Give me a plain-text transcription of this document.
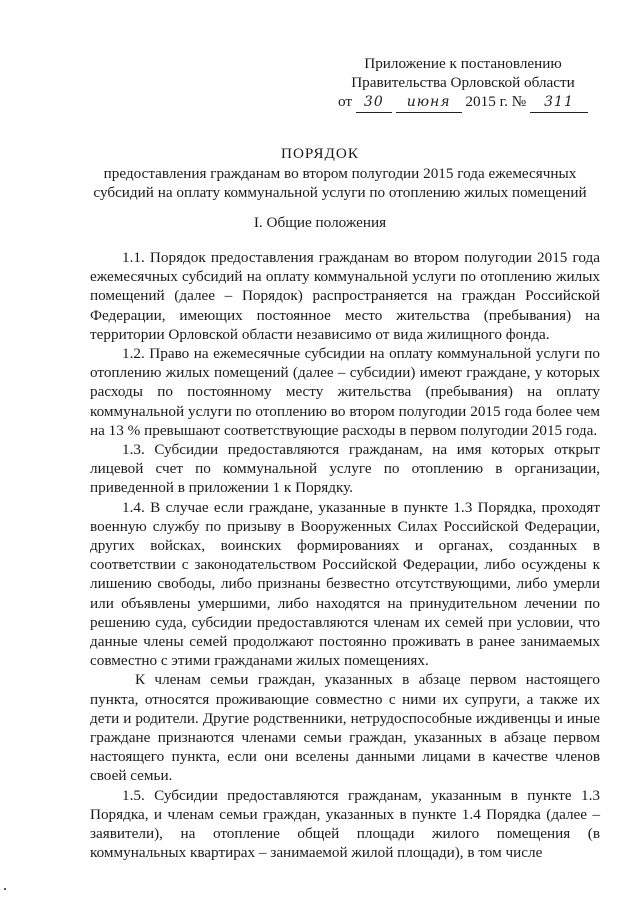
Приложение к постановлению
Правительства Орловской области
от 30 июня 2015 г. № 311
ПОРЯДОК
предоставления гражданам во втором полугодии 2015 года ежемесячных
субсидий на оплату коммунальной услуги по отоплению жилых помещений
I. Общие положения

1.1. Порядок предоставления гражданам во втором полугодии 2015 года ежемесячных субсидий на оплату коммунальной услуги по отоплению жилых помещений (далее – Порядок) распространяется на граждан Российской Федерации, имеющих постоянное место жительства (пребывания) на территории Орловской области независимо от вида жилищного фонда.

1.2. Право на ежемесячные субсидии на оплату коммунальной услуги по отоплению жилых помещений (далее – субсидии) имеют граждане, у которых расходы по постоянному месту жительства (пребывания) на оплату коммунальной услуги по отоплению во втором полугодии 2015 года более чем на 13 % превышают соответствующие расходы в первом полугодии 2015 года.

1.3. Субсидии предоставляются гражданам, на имя которых открыт лицевой счет по коммунальной услуге по отоплению в организации, приведенной в приложении 1 к Порядку.

1.4. В случае если граждане, указанные в пункте 1.3 Порядка, проходят военную службу по призыву в Вооруженных Силах Российской Федерации, других войсках, воинских формированиях и органах, созданных в соответствии с законодательством Российской Федерации, либо осуждены к лишению свободы, либо признаны безвестно отсутствующими, либо умерли или объявлены умершими, либо находятся на принудительном лечении по решению суда, субсидии предоставляются членам их семей при условии, что данные члены семей продолжают постоянно проживать в ранее занимаемых совместно с этими гражданами жилых помещениях.

К членам семьи граждан, указанных в абзаце первом настоящего пункта, относятся проживающие совместно с ними их супруги, а также их дети и родители. Другие родственники, нетрудоспособные иждивенцы и иные граждане признаются членами семьи граждан, указанных в абзаце первом настоящего пункта, если они вселены данными лицами в качестве членов своей семьи.

1.5. Субсидии предоставляются гражданам, указанным в пункте 1.3 Порядка, и членам семьи граждан, указанных в пункте 1.4 Порядка (далее – заявители), на отопление общей площади жилого помещения (в коммунальных квартирах – занимаемой жилой площади), в том числе
